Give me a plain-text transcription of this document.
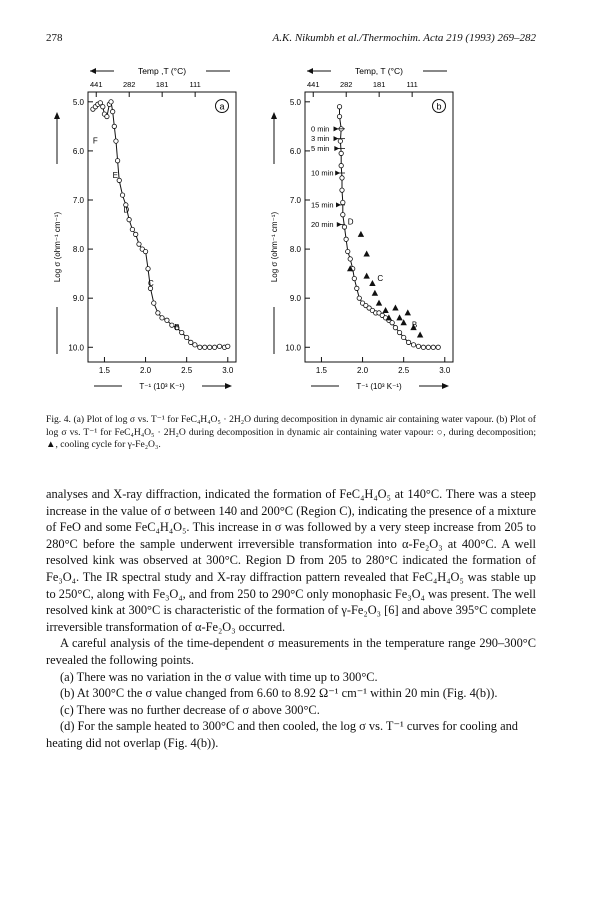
278	A.K. Nikumbh et al./Thermochim. Acta 219 (1993) 269–282
a
Temp ,T (°C)
441	282	181	111
5.0
6.0
7.0
8.0
9.0
10.0
Log σ (ohm⁻¹ cm⁻¹)
1.5	2.0	2.5	3.0
T⁻¹ (10³ K⁻¹)
F
E
D
C
B
b
Temp, T (°C)
441	282	181	111
5.0
6.0
7.0
8.0
9.0
10.0
Log σ (ohm⁻¹ cm⁻¹)
1.5	2.0	2.5	3.0
T⁻¹ (10³ K⁻¹)
D
C
B
0 min
3 min
5 min
10 min
15 min
20 min
Fig. 4. (a) Plot of log σ vs. T⁻¹ for FeC₄H₄O₅ · 2H₂O during decomposition in dynamic air containing water vapour. (b) Plot of log σ vs. T⁻¹ for FeC₄H₄O₅ · 2H₂O during decomposition in dynamic air containing water vapour: ○, during decomposition; ▲, cooling cycle for γ-Fe₂O₃.

analyses and X-ray diffraction, indicated the formation of FeC₄H₄O₅ at 140°C. There was a steep increase in the value of σ between 140 and 200°C (Region C), indicating the presence of a mixture of FeO and some FeC₄H₄O₅. This increase in σ was followed by a very steep increase from 205 to 280°C before the sample underwent irreversible transformation into α-Fe₂O₃ at 400°C. A well resolved kink was observed at 300°C. Region D from 205 to 280°C indicated the formation of Fe₃O₄. The IR spectral study and X-ray diffraction pattern revealed that FeC₄H₄O₅ was stable up to 250°C, along with Fe₃O₄, and from 250 to 290°C only monophasic Fe₃O₄ was present. The well resolved kink at 300°C is characteristic of the formation of γ-Fe₂O₃ [6] and above 395°C complete irreversible transformation of α-Fe₂O₃ occurred.

A careful analysis of the time-dependent σ measurements in the temperature range 290–300°C revealed the following points.

(a) There was no variation in the σ value with time up to 300°C.

(b) At 300°C the σ value changed from 6.60 to 8.92 Ω⁻¹ cm⁻¹ within 20 min (Fig. 4(b)).

(c) There was no further decrease of σ above 300°C.

(d) For the sample heated to 300°C and then cooled, the log σ vs. T⁻¹ curves for cooling and heating did not overlap (Fig. 4(b)).
